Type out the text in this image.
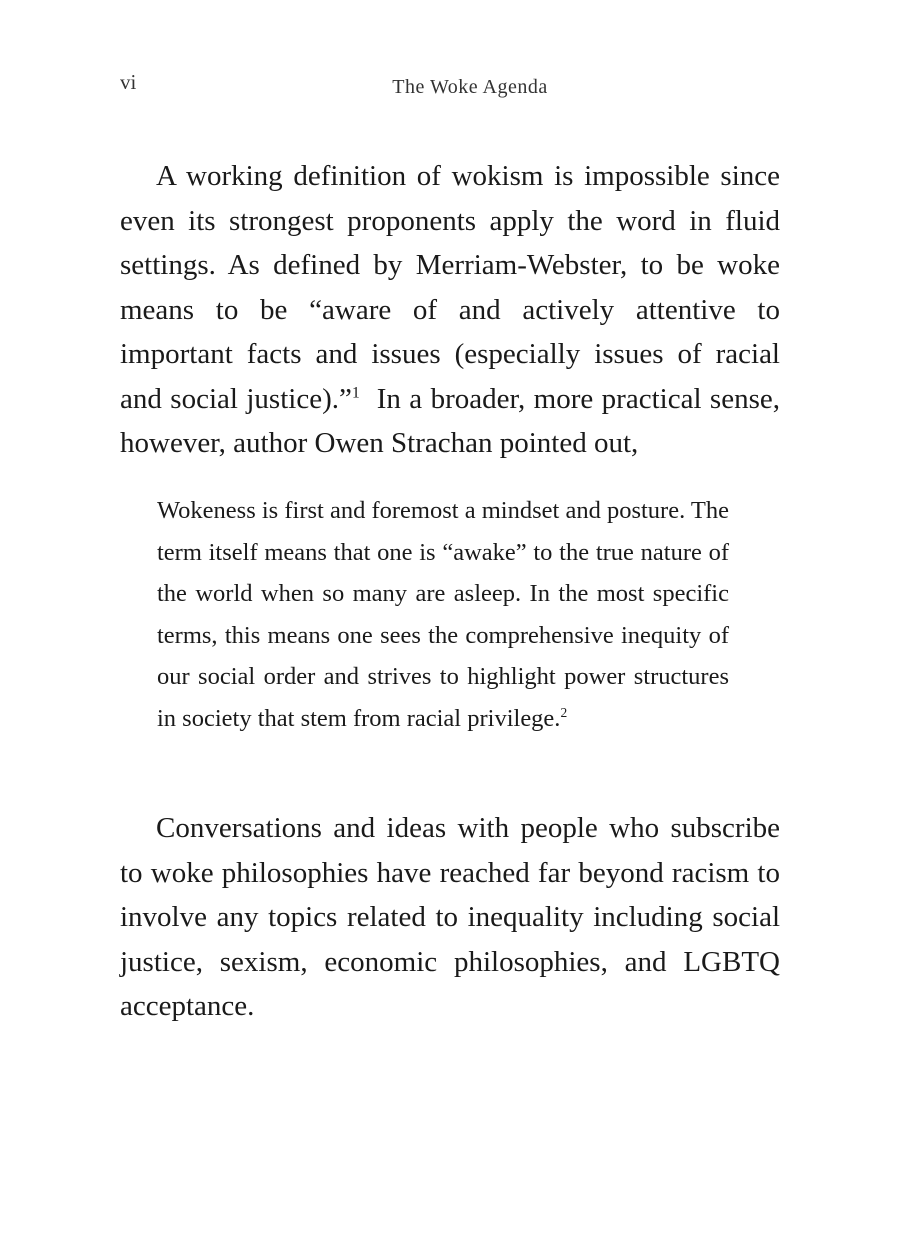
vi	The Woke Agenda

A working definition of wokism is impossible since even its strongest proponents apply the word in fluid settings. As defined by Merriam-Webster, to be woke means to be “aware of and actively attentive to important facts and issues (especially issues of racial and social justice).”$^1$  In a broader, more practical sense, however, author Owen Strachan pointed out,

Wokeness is first and foremost a mindset and posture. The term itself means that one is “awake” to the true nature of the world when so many are asleep. In the most specific terms, this means one sees the comprehensive inequity of our social order and strives to highlight power structures in society that stem from racial privilege.$^2$

Conversations and ideas with people who subscribe to woke philosophies have reached far beyond racism to involve any topics related to inequality including social justice, sexism, economic philosophies, and LGBTQ acceptance.
